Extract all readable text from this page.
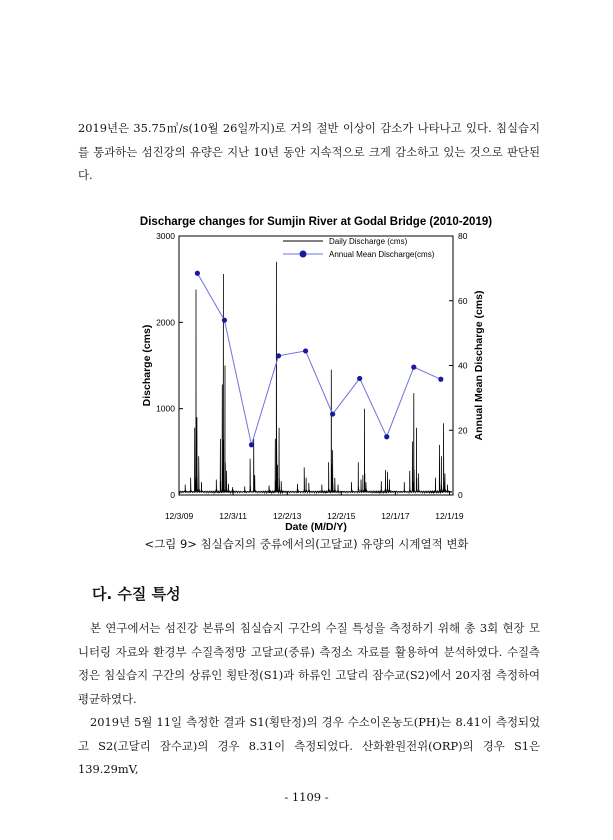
2019년은 35.75㎥/s(10월 26일까지)로 거의 절반 이상이 감소가 나타나고 있다. 침실습지를 통과하는 섬진강의 유량은 지난 10년 동안 지속적으로 크게 감소하고 있는 것으로 판단된다.

Discharge changes for Sumjin River at Godal Bridge (2010-2019)
0
1000
2000
3000
0
20
40
60
80
12/3/09	12/3/11	12/2/13	12/2/15	12/1/17	12/1/19
Date (M/D/Y)
Discharge (cms)	Annual Mean Discharge (cms)
Daily Discharge (cms)
Annual Mean Discharge(cms)

<그림 9> 침실습지의 중류에서의(고달교) 유량의 시계열적 변화

다. 수질 특성

본 연구에서는 섬진강 본류의 침실습지 구간의 수질 특성을 측정하기 위해 총 3회 현장 모니터링 자료와 환경부 수질측정망 고달교(중류) 측정소 자료를 활용하여 분석하였다. 수질측정은 침실습지 구간의 상류인 횡탄정(S1)과 하류인 고달리 잠수교(S2)에서 20지점 측정하여 평균하였다.

2019년 5월 11일 측정한 결과 S1(횡탄정)의 경우 수소이온농도(PH)는 8.41이 측정되었고 S2(고달리 잠수교)의 경우 8.31이 측정되었다. 산화환원전위(ORP)의 경우 S1은 139.29mV,

- 1109 -
